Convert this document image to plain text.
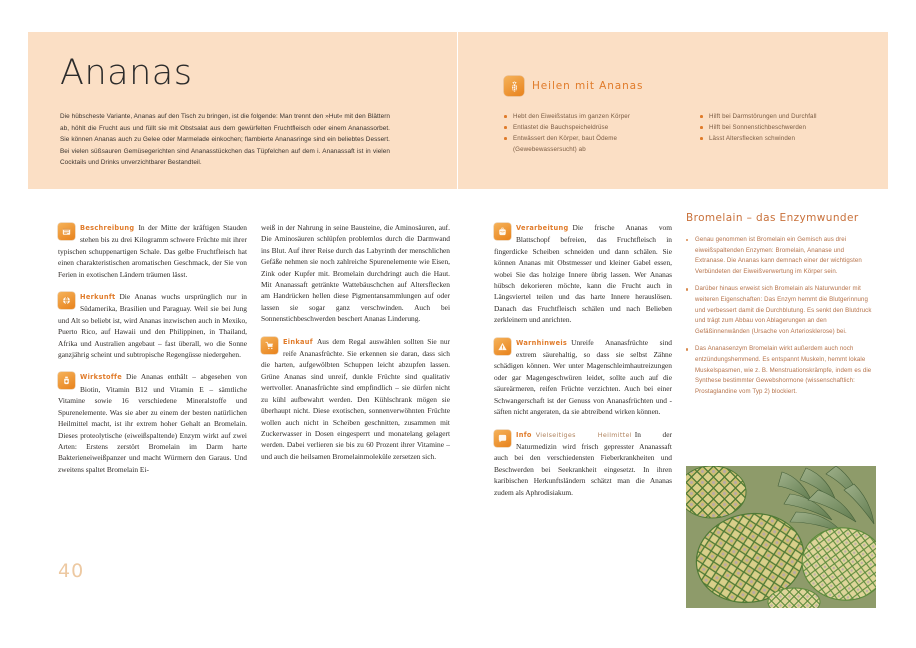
Ananas
Die hübscheste Variante, Ananas auf den Tisch zu bringen, ist die folgende: Man trennt den »Hut« mit den Blättern ab, höhlt die Frucht aus und füllt sie mit Obstsalat aus dem gewürfelten Fruchtfleisch oder einem Ananassorbet. Sie können Ananas auch zu Gelee oder Marmelade einkochen; flambierte Ananasringe sind ein beliebtes Dessert. Bei vielen süßsauren Gemüsegerichten sind Ananasstückchen das Tüpfelchen auf dem i. Ananassaft ist in vielen Cocktails und Drinks unverzichtbarer Bestandteil.

Beschreibung In der Mitte der kräftigen Stauden stehen bis zu drei Kilogramm schwere Früchte mit ihrer typischen schuppenartigen Schale. Das gelbe Fruchtfleisch hat einen charakteristischen aromatischen Geschmack, der Sie von Ferien in exotischen Ländern träumen lässt.

Herkunft Die Ananas wuchs ursprünglich nur in Südamerika, Brasilien und Paraguay. Weil sie bei Jung und Alt so beliebt ist, wird Ananas inzwischen auch in Mexiko, Puerto Rico, auf Hawaii und den Philippinen, in Thailand, Afrika und Australien angebaut – fast überall, wo die Sonne ganzjährig scheint und subtropische Regengüsse niedergehen.

Wirkstoffe Die Ananas enthält – abgesehen von Biotin, Vitamin B12 und Vitamin E – sämtliche Vitamine sowie 16 verschiedene Mineralstoffe und Spurenelemente. Was sie aber zu einem der besten natürlichen Heilmittel macht, ist ihr extrem hoher Gehalt an Bromelain. Dieses proteolytische (eiweißspaltende) Enzym wirkt auf zwei Arten: Erstens zerstört Bromelain im Darm harte Bakterieneiweißpanzer und macht Würmern den Garaus. Und zweitens spaltet Bromelain Ei-

weiß in der Nahrung in seine Bausteine, die Aminosäuren, auf. Die Aminosäuren schlüpfen problemlos durch die Darmwand ins Blut. Auf ihrer Reise durch das Labyrinth der menschlichen Gefäße nehmen sie noch zahlreiche Spurenelemente wie Eisen, Zink oder Kupfer mit. Bromelain durchdringt auch die Haut. Mit Ananassaft getränkte Wattebäuschchen auf Altersflecken am Handrücken hellen diese Pigmentansammlungen auf oder lassen sie sogar ganz verschwinden. Auch bei Sonnenstichbeschwerden beschert Ananas Linderung.

Einkauf Aus dem Regal auswählen sollten Sie nur reife Ananasfrüchte. Sie erkennen sie daran, dass sich die harten, aufgewölbten Schuppen leicht abzupfen lassen. Grüne Ananas sind unreif, dunkle Früchte sind qualitativ wertvoller. Ananasfrüchte sind empfindlich – sie dürfen nicht zu kühl aufbewahrt werden. Den Kühlschrank mögen sie überhaupt nicht. Diese exotischen, sonnenverwöhnten Früchte wollen auch nicht in Scheiben geschnitten, zusammen mit Zuckerwasser in Dosen eingesperrt und monatelang gelagert werden. Dabei verlieren sie bis zu 60 Prozent ihrer Vitamine – und auch die heilsamen Bromelainmoleküle zersetzen sich.

40
Heilen mit Ananas
Hebt den Eiweißstatus im ganzen Körper
Entlastet die Bauchspeicheldrüse
Entwässert den Körper, baut Ödeme (Gewebewassersucht) ab
Hilft bei Darmstörungen und Durchfall
Hilft bei Sonnenstichbeschwerden
Lässt Altersflecken schwinden

Verarbeitung Die frische Ananas vom Blattschopf befreien, das Fruchtfleisch in fingerdicke Scheiben schneiden und dann schälen. Sie können Ananas mit Obstmesser und kleiner Gabel essen, wobei Sie das holzige Innere übrig lassen. Wer Ananas hübsch dekorieren möchte, kann die Frucht auch in Längsviertel teilen und das harte Innere herauslösen. Danach das Fruchtfleisch schälen und nach Belieben zerkleinern und anrichten.

Warnhinweis Unreife Ananasfrüchte sind extrem säurehaltig, so dass sie selbst Zähne schädigen können. Wer unter Magenschleimhautreizungen oder gar Magengeschwüren leidet, sollte auch auf die säureärmeren, reifen Früchte verzichten. Auch bei einer Schwangerschaft ist der Genuss von Ananasfrüchten und -säften nicht angeraten, da sie abtreibend wirken können.

Info Vielseitiges Heilmittel In der Naturmedizin wird frisch gepresster Ananassaft auch bei den verschiedensten Fieberkrankheiten und Beschwerden bei Seekrankheit eingesetzt. In ihren karibischen Herkunftsländern schätzt man die Ananas zudem als Aphrodisiakum.

Bromelain – das Enzymwunder
Genau genommen ist Bromelain ein Gemisch aus drei eiweißspaltenden Enzymen: Bromelain, Ananase und Extranase. Die Ananas kann demnach einer der wichtigsten Verbündeten der Eiweißverwertung im Körper sein.
Darüber hinaus erweist sich Bromelain als Naturwunder mit weiteren Eigenschaften: Das Enzym hemmt die Blutgerinnung und verbessert damit die Durchblutung. Es senkt den Blutdruck und trägt zum Abbau von Ablagerungen an den Gefäßinnenwänden (Ursache von Arteriosklerose) bei.
Das Ananasenzym Bromelain wirkt außerdem auch noch entzündungshemmend. Es entspannt Muskeln, hemmt lokale Muskelspasmen, wie z. B. Menstruationskrämpfe, indem es die Synthese bestimmter Gewebshormone (wissenschaftlich: Prostaglandine vom Typ 2) blockiert.
